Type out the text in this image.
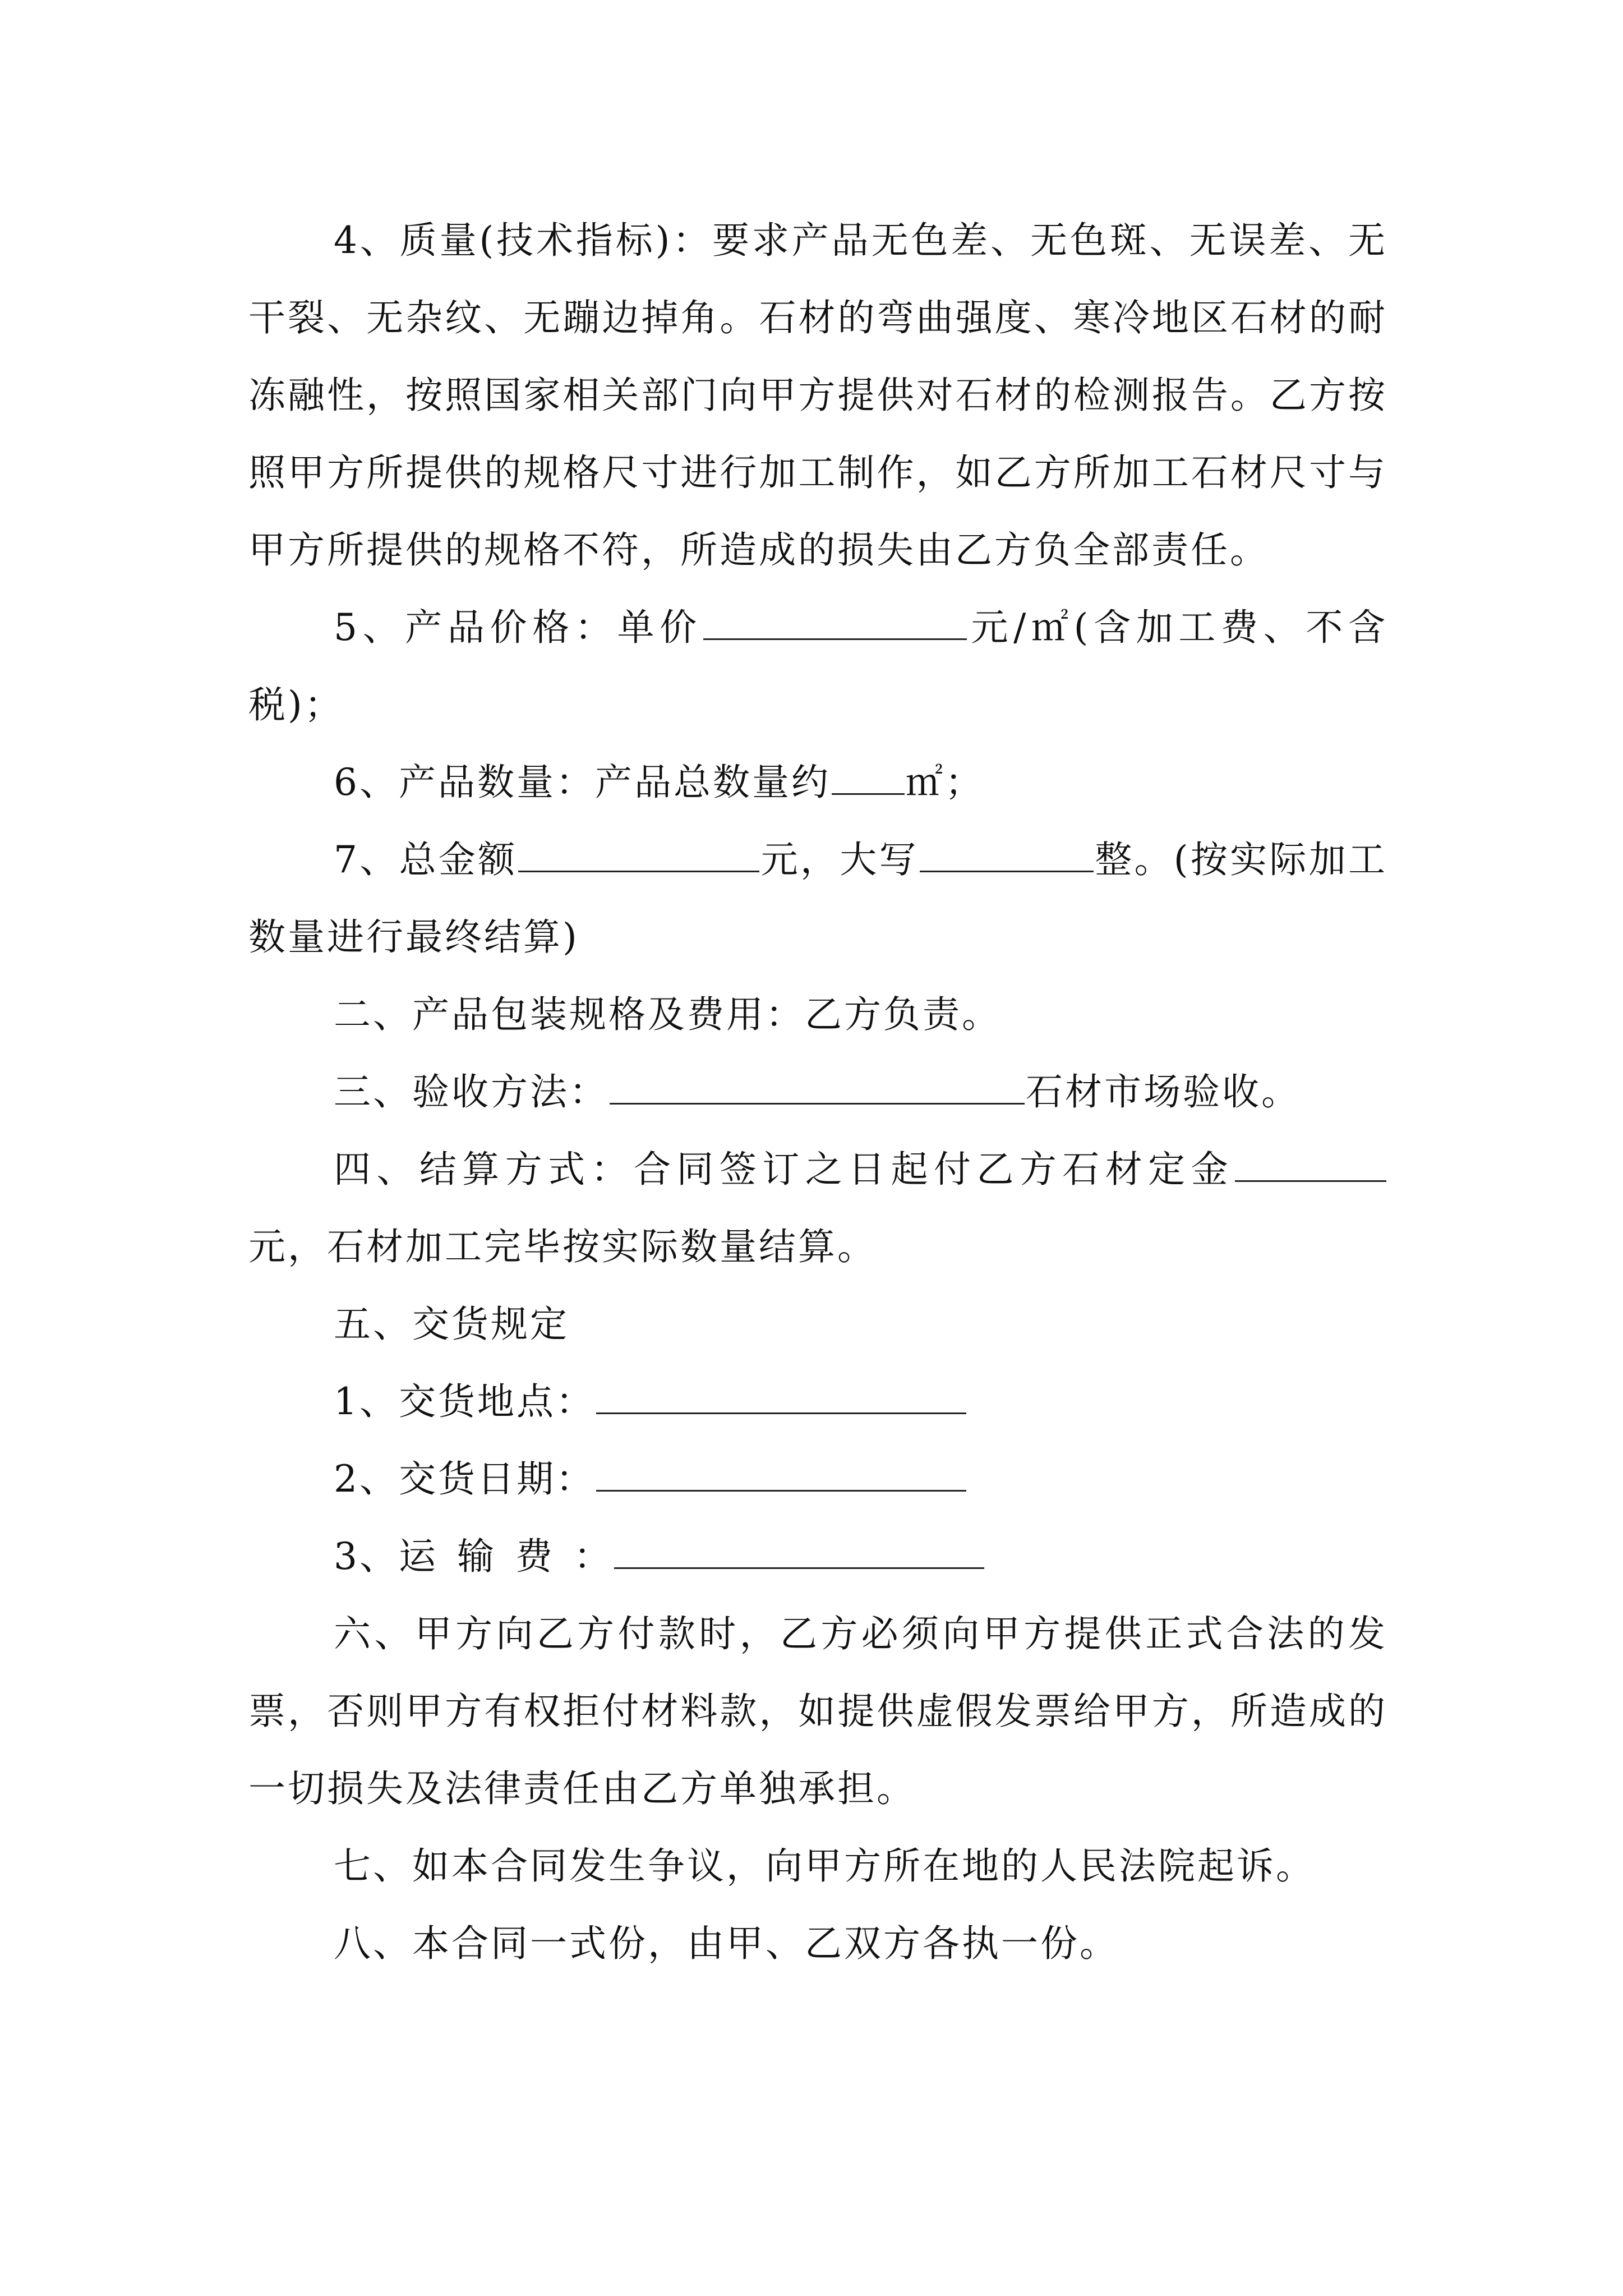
4、质量(技术指标)：要求产品无色差、无色斑、无误差、无干裂、无杂纹、无蹦边掉角。石材的弯曲强度、寒冷地区石材的耐冻融性，按照国家相关部门向甲方提供对石材的检测报告。乙方按照甲方所提供的规格尺寸进行加工制作，如乙方所加工石材尺寸与甲方所提供的规格不符，所造成的损失由乙方负全部责任。

5、产品价格：单价	元/㎡(含加工费、不含税)；

6、产品数量：产品总数量约 ㎡；

7、总金额	元，大写	整。(按实际加工数量进行最终结算)

二、产品包装规格及费用：乙方负责。

三、验收方法：	石材市场验收。

四、结算方式：合同签订之日起付乙方石材定金元，石材加工完毕按实际数量结算。

五、交货规定

1、交货地点：

2、交货日期：

3、运输费：

六、甲方向乙方付款时，乙方必须向甲方提供正式合法的发票，否则甲方有权拒付材料款，如提供虚假发票给甲方，所造成的一切损失及法律责任由乙方单独承担。

七、如本合同发生争议，向甲方所在地的人民法院起诉。

八、本合同一式份，由甲、乙双方各执一份。
